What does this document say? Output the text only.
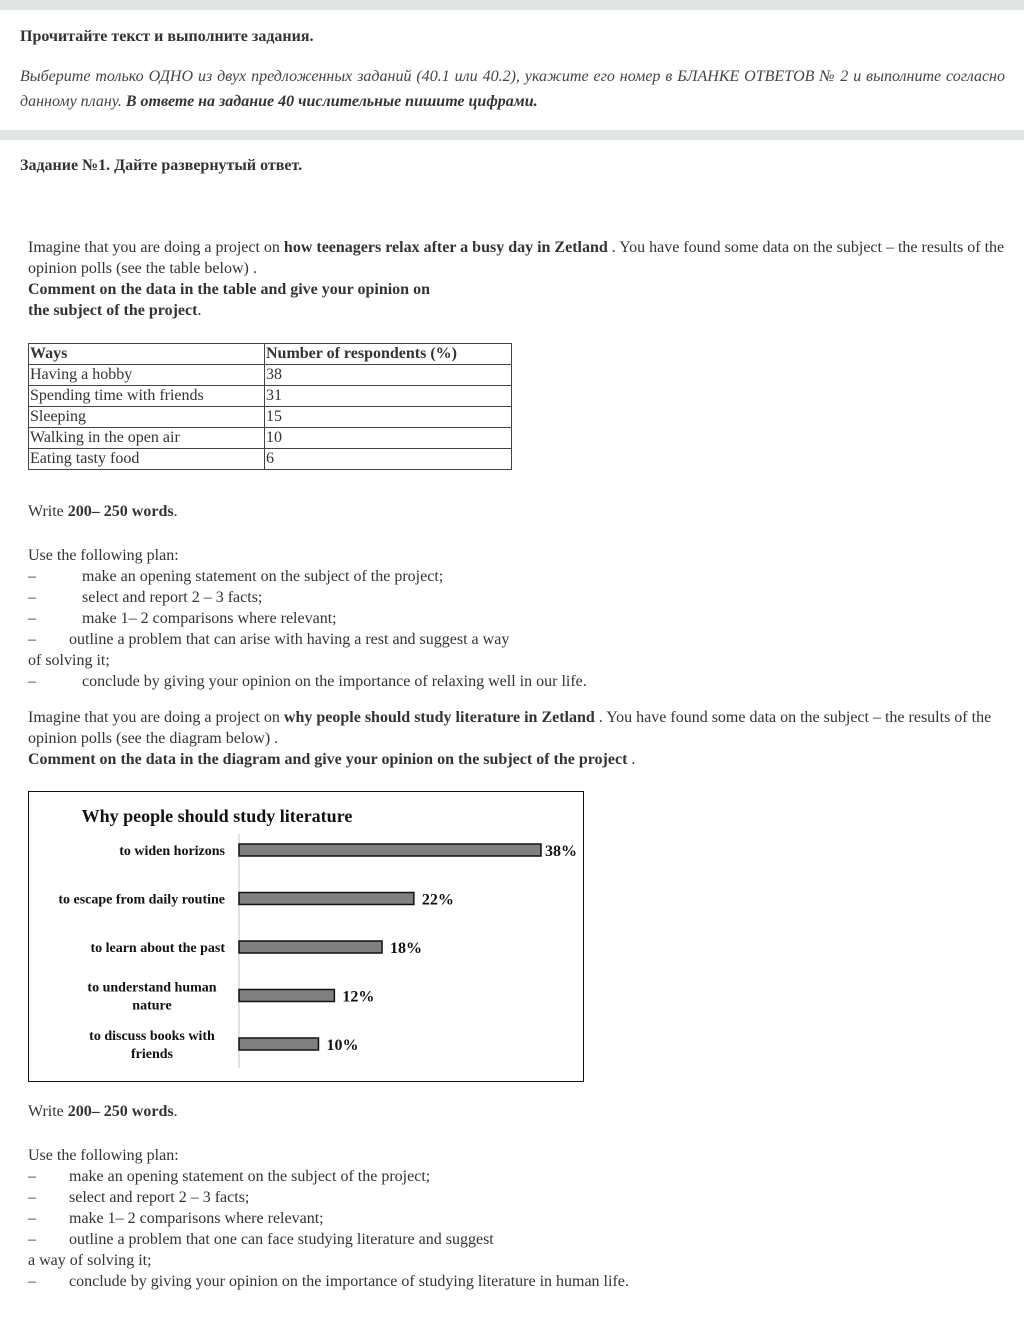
Прочитайте текст и выполните задания.
Выберите только ОДНО из двух предложенных заданий (40.1 или 40.2), укажите его номер в БЛАНКЕ ОТВЕТОВ № 2 и выполните согласно данному плану. В ответе на задание 40 числительные пишите цифрами.
Задание №1. Дайте развернутый ответ.
Imagine that you are doing a project on how teenagers relax after a busy day in Zetland . You have found some data on the subject – the results of the opinion polls (see the table below) .
Comment on the data in the table and give your opinion on
the subject of the project.
Ways	Number of respondents (%)
Having a hobby	38
Spending time with friends	31
Sleeping	15
Walking in the open air	10
Eating tasty food	6
Write 200– 250 words.
Use the following plan:
–	make an opening statement on the subject of the project;
–	select and report 2 – 3 facts;
–	make 1– 2 comparisons where relevant;
– outline a problem that can arise with having a rest and suggest a way
of solving it;
–	conclude by giving your opinion on the importance of relaxing well in our life.
Imagine that you are doing a project on why people should study literature in Zetland . You have found some data on the subject – the results of the opinion polls (see the diagram below) .
Comment on the data in the diagram and give your opinion on the subject of the project .
Why people should study literature
38%
to widen horizons
22%
to escape from daily routine
18%
to learn about the past
12%
to understand human
nature
10%
to discuss books with
friends
Write 200– 250 words.
Use the following plan:
– make an opening statement on the subject of the project;
– select and report 2 – 3 facts;
– make 1– 2 comparisons where relevant;
– outline a problem that one can face studying literature and suggest
a way of solving it;
– conclude by giving your opinion on the importance of studying literature in human life.
